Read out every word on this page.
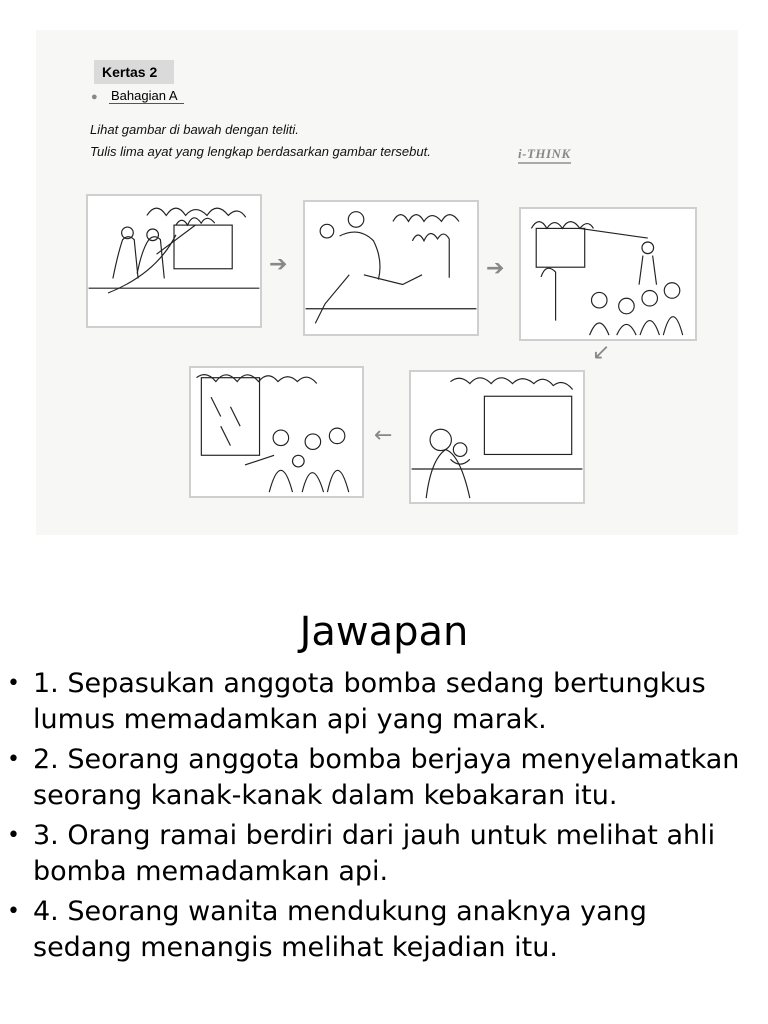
Kertas 2
● Bahagian A
Lihat gambar di bawah dengan teliti.
Tulis lima ayat yang lengkap berdasarkan gambar tersebut.	i-THINK
➔	➔
↙
←
Jawapan
• 1. Sepasukan anggota bomba sedang bertungkus lumus memadamkan api yang marak.
• 2. Seorang anggota bomba berjaya menyelamatkan seorang kanak-kanak dalam kebakaran itu.
• 3. Orang ramai berdiri dari jauh untuk melihat ahli bomba memadamkan api.
• 4. Seorang wanita mendukung anaknya yang sedang menangis melihat kejadian itu.
